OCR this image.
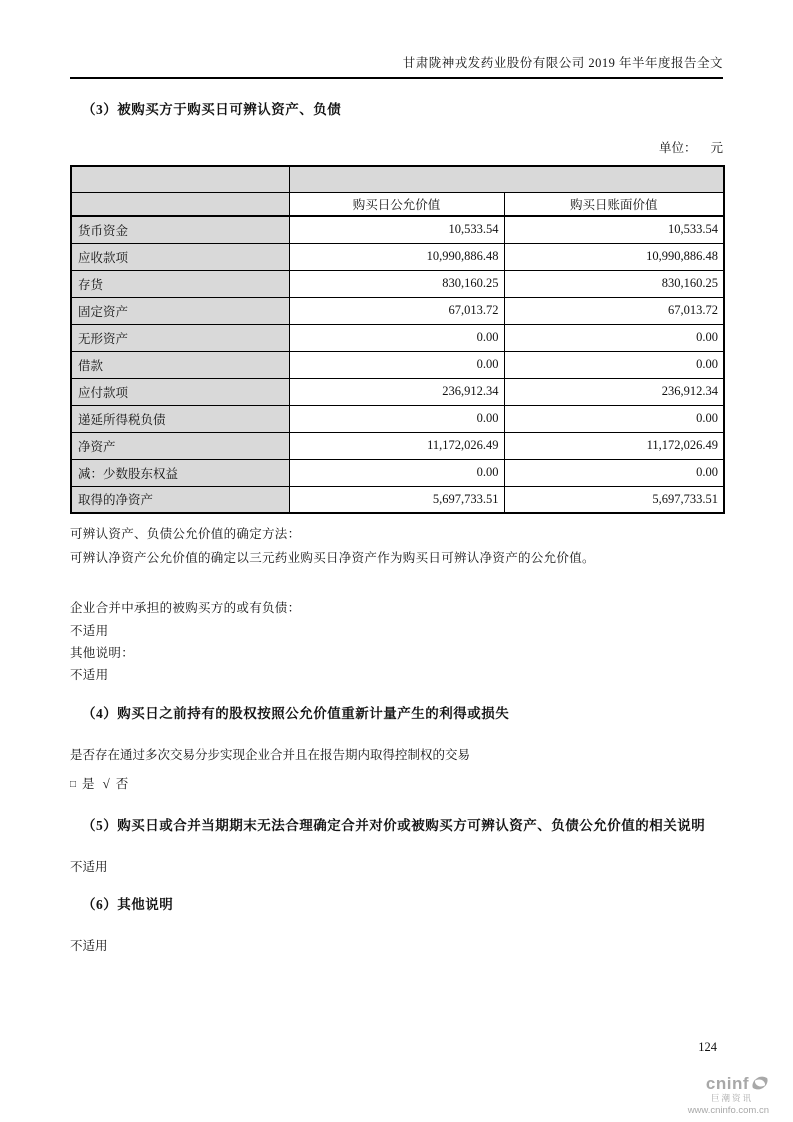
甘肃陇神戎发药业股份有限公司 2019 年半年度报告全文
（3）被购买方于购买日可辨认资产、负债
单位： 元

	购买日公允价值	购买日账面价值
货币资金	10,533.54	10,533.54
应收款项	10,990,886.48	10,990,886.48
存货	830,160.25	830,160.25
固定资产	67,013.72	67,013.72
无形资产	0.00	0.00
借款	0.00	0.00
应付款项	236,912.34	236,912.34
递延所得税负债	0.00	0.00
净资产	11,172,026.49	11,172,026.49
减：少数股东权益	0.00	0.00
取得的净资产	5,697,733.51	5,697,733.51
可辨认资产、负债公允价值的确定方法：
可辨认净资产公允价值的确定以三元药业购买日净资产作为购买日可辨认净资产的公允价值。
企业合并中承担的被购买方的或有负债：
不适用
其他说明：
不适用
（4）购买日之前持有的股权按照公允价值重新计量产生的利得或损失
是否存在通过多次交易分步实现企业合并且在报告期内取得控制权的交易
□ 是 √ 否
（5）购买日或合并当期期末无法合理确定合并对价或被购买方可辨认资产、负债公允价值的相关说明
不适用
（6）其他说明
不适用
124
cninf
巨潮资讯
www.cninfo.com.cn
